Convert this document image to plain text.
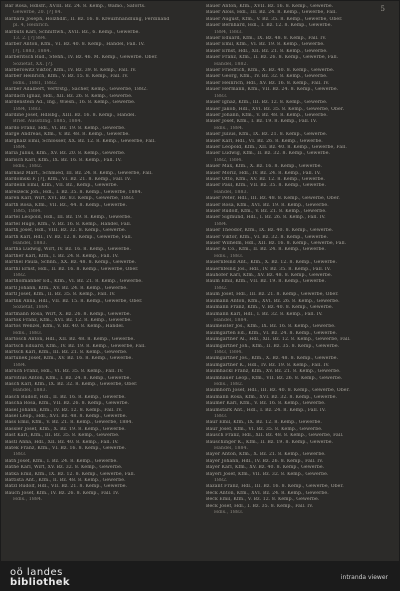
5
Bar Rosa, Hdlsfr., XVIII. Bz. 24. 8. Kemp., Wamo., Saforts.
Gewerbe, 20. [?] 84.
Barbara Joseph, Holzhdlr., II. Bz. 16. 8. Kreuzhhandlung, Ferdinand
pl. 4, Heinrich.
Barbuts Karl, Schnittwh., XVII. Bz., 6. Kemp., Gewerbe.
13. 2. [?] 884.
Barber Anton, Kfm., VI. Bz. 40. 8. Kemp., Handel, Fall. IV.
[?], 1883, 1884.
Barberitsch Rud., Stehh., IV. Bz. 46. M. Kemp., Gewerbe. Ober.
Sozietat, XX. [?].
Barberowitz Viktor, Kfm., IV. Bz. 39. 8. Kemp., Fall. IV.
Barber Heinrich, Kfm., V. Bz. 15. 8. Kemp., Fall. IV.
Hdls., 1881, 1882.
Barber Adalbert, Vertrstg., Sacher, Kemp., Gewerbe, 1882.
Bardach Ignaz, Hdl., XII. Bz. 26. 8. Kemp., Gewerbe.
Bardenstein Ad., Ing., Wiesn., 16. 8. Kemp., Gewerbe.
1884, 1883.
Bardine Josef, Hdlsbg., XIII. Bz. 16. 8. Kemp., Handel.
Brief. Ausstllng. 1885, 1884.
Bardo Franz, Hdl., VI. Bz. 19. 8. Kemp., Gewerbe.
Barge Andreas, Kfm., V. Bz. 48. 8. Kemp., Gewerbe.
Barghalz Emil, Schlosser, XX. Bz. 12. 8. Kemp., Gewerbe, Fall.
1884.
Baria Julius, Kfm., XV. Bz. 20. 8. Kemp., Gewerbe.
Barisch Karl, Kfm., IX. Bz. 16. 8. Kemp., Fall. IV.
Hdls., 1882.
Barkasz Mart., Schmied, III. Bz. 24. 8. Kemp., Gewerbe, Fall.
Bardomski F. [?], Kfm., VI. Bz. 21. 8. Kemp., Fall. IV.
Bardelin Emil, Kfm., VII. Bz., Kemp., Gewerbe.
Barelzeck Joh., Hdl., I. Bz. 35. 8. Kemp., Gewerbe, 1884.
Baren Karl, Wirt, XVI. Bz. 83. Kemp., Gewerbe, 1883.
Barth Rosa, Kfm., VII. Bz., 44. 8. Kemp., Gewerbe.
1885, 1884.
Bartel Leopold, Hdl., III. Bz. 19. 8. Kemp., Gewerbe.
Bartel Hugo, Kfm., V. Bz. 16. 8. Kemp., Handel, Fall.
Barth Josef, Hdl., VIII. Bz. 32. 8. Kemp., Gewerbe.
Barth Karl, Hdl., IV. Bz. 12. 8. Kemp., Gewerbe, Fall.
Handel, 1883.
Bartha Ludwig, Wirt, IV. Bz. 16. 8. Kemp., Gewerbe.
Barther Karl, Kfm., I. Bz. 24. 8. Kemp., Fall. IV.
Barthel Paula, Schnh., XX. Bz. 48. 8. Kemp., Gewerbe.
Barthl Ernst, Hdl., II. Bz. 16. 8. Kemp., Gewerbe, Ober.
1882.
Bartholmanner Ed., Kfm., VI. Bz. 21. 8. Kemp., Gewerbe.
Bartl Johann, Kfm., XV. Bz. 24. 8. Kemp., Gewerbe.
Bartl Josef, Kfm., II. Bz. 35. 8. Kemp., Fall. IV.
Bartlik Anna, Hdl., VII. Bz. 15. 8. Kemp., Gewerbe, Ober.
Sozietat, 1884.
Bartmann Rosa, Wirt, X. Bz. 26. 8. Kemp., Gewerbe.
Bartok Franz, Kfm., XVI. Bz. 12. 8. Kemp., Gewerbe.
Bartos Wenzel, Kfm., V. Bz. 40. 8. Kemp., Handel.
Hdls., 1883.
Bartosch Anton, Hdl., XII. Bz. 48. 8. Kemp., Gewerbe.
Bartsch Eduard, Kfm., IV. Bz. 19. 8. Kemp., Gewerbe, Fall.
Bartsch Karl, Kfm., III. Bz. 21. 8. Kemp., Gewerbe.
Bartunek Josef, Kfm., XV. Bz. 16. 8. Kemp., Gewerbe.
1884.
Baruch Franz, Hdl., VI. Bz. 35. 8. Kemp., Fall. IV.
Barvitius Anton, Kfm., I. Bz. 24. 8. Kemp., Gewerbe.
Basch Karl, Kfm., IX. Bz. 32. 8. Kemp., Gewerbe, Ober.
Handel, 1883.
Basch Rudolf, Hdl., II. Bz. 16. 8. Kemp., Gewerbe.
Bascha Rosa, Kfm., VII. Bz. 26. 8. Kemp., Gewerbe.
Basel Johann, Kfm., IV. Bz. 12. 8. Kemp., Fall. IV.
Basel Leop., Hdl., XVI. Bz. 48. 8. Kemp., Gewerbe.
Bass Emil, Kfm., V. Bz. 21. 8. Kemp., Gewerbe, 1884.
Bassler Josef, Kfm., X. Bz. 19. 8. Kemp., Gewerbe.
Bast Karl, Kfm., III. Bz. 35. 8. Kemp., Gewerbe.
Bastl Anna, Hdl., XII. Bz. 40. 8. Kemp., Fall. IV.
Batek Franz, Kfm., VI. Bz. 16. 8. Kemp., Gewerbe.
1883.
Bath Josef, Kfm., I. Bz. 24. 8. Kemp., Gewerbe.
Bathe Karl, Wirt, XV. Bz. 32. 8. Kemp., Gewerbe.
Batka Emil, Kfm., IX. Bz. 12. 8. Kemp., Gewerbe, Fall.
Battista Ant., Kfm., II. Bz. 48. 8. Kemp., Gewerbe.
Batzl Rudolf, Hdl., VII. Bz. 21. 8. Kemp., Gewerbe.
Bauch Josef, Kfm., IV. Bz. 26. 8. Kemp., Fall. IV.
Hdls., 1884.
Bauer Anton, Kfm., XVII. Bz. 16. 8. Kemp., Gewerbe.
Bauer Alois, Hdl., III. Bz. 24. 8. Kemp., Gewerbe, Fall.
Bauer August, Kfm., V. Bz. 35. 8. Kemp., Gewerbe, Ober.
Bauer Bernhard, Hdl., I. Bz. 12. 8. Kemp., Gewerbe.
1884, 1883.
Bauer Eduard, Kfm., IX. Bz. 48. 8. Kemp., Fall. IV.
Bauer Emil, Kfm., VI. Bz. 19. 8. Kemp., Gewerbe.
Bauer Ernst, Hdl., XII. Bz. 21. 8. Kemp., Gewerbe.
Bauer Franz, Kfm., II. Bz. 26. 8. Kemp., Gewerbe, Fall.
Handel, 1882.
Bauer Friedrich, Kfm., X. Bz. 40. 8. Kemp., Gewerbe.
Bauer Georg, Kfm., IV. Bz. 32. 8. Kemp., Gewerbe.
Bauer Heinrich, Hdl., XV. Bz. 16. 8. Kemp., Fall. IV.
Bauer Hermann, Kfm., VII. Bz. 24. 8. Kemp., Gewerbe.
1883.
Bauer Ignaz, Kfm., III. Bz. 12. 8. Kemp., Gewerbe.
Bauer Jakob, Hdl., XVI. Bz. 35. 8. Kemp., Gewerbe, Ober.
Bauer Johann, Kfm., V. Bz. 48. 8. Kemp., Gewerbe.
Bauer Josef, Kfm., I. Bz. 19. 8. Kemp., Fall. IV.
Hdls., 1884.
Bauer Julius, Kfm., IX. Bz. 21. 8. Kemp., Gewerbe.
Bauer Karl, Hdl., VI. Bz. 26. 8. Kemp., Gewerbe.
Bauer Leopold, Kfm., XII. Bz. 40. 8. Kemp., Gewerbe, Fall.
Bauer Ludwig, Kfm., II. Bz. 32. 8. Kemp., Gewerbe.
1882, 1884.
Bauer Max, Kfm., X. Bz. 16. 8. Kemp., Gewerbe.
Bauer Moriz, Hdl., IV. Bz. 24. 8. Kemp., Fall. IV.
Bauer Otto, Kfm., XV. Bz. 12. 8. Kemp., Gewerbe.
Bauer Paul, Kfm., VII. Bz. 35. 8. Kemp., Gewerbe.
Handel, 1883.
Bauer Peter, Hdl., III. Bz. 48. 8. Kemp., Gewerbe, Ober.
Bauer Rosa, Kfm., XVI. Bz. 19. 8. Kemp., Gewerbe.
Bauer Rudolf, Kfm., V. Bz. 21. 8. Kemp., Gewerbe.
Bauer Sigmund, Hdl., I. Bz. 26. 8. Kemp., Fall. IV.
1884.
Bauer Theodor, Kfm., IX. Bz. 40. 8. Kemp., Gewerbe.
Bauer Viktor, Kfm., VI. Bz. 32. 8. Kemp., Gewerbe.
Bauer Wilhelm, Hdl., XII. Bz. 16. 8. Kemp., Gewerbe, Fall.
Bauer & Co., Kfm., II. Bz. 24. 8. Kemp., Gewerbe.
Hdls., 1883.
Bauernfeind Ant., Kfm., X. Bz. 12. 8. Kemp., Gewerbe.
Bauernfeind Jos., Hdl., IV. Bz. 35. 8. Kemp., Fall. IV.
Bauhofer Karl, Kfm., XV. Bz. 48. 8. Kemp., Gewerbe.
Baum Emil, Kfm., VII. Bz. 19. 8. Kemp., Gewerbe.
1882.
Baum Josef, Hdl., III. Bz. 21. 8. Kemp., Gewerbe, Ober.
Baumann Anton, Kfm., XVI. Bz. 26. 8. Kemp., Gewerbe.
Baumann Franz, Kfm., V. Bz. 40. 8. Kemp., Gewerbe.
Baumann Karl, Hdl., I. Bz. 32. 8. Kemp., Fall. IV.
Handel, 1884.
Baumeister Jos., Kfm., IX. Bz. 16. 8. Kemp., Gewerbe.
Baumgarten Ed., Kfm., VI. Bz. 24. 8. Kemp., Gewerbe.
Baumgartner Al., Hdl., XII. Bz. 12. 8. Kemp., Gewerbe, Fall.
Baumgartner Joh., Kfm., II. Bz. 35. 8. Kemp., Gewerbe.
1883, 1884.
Baumgartner Jos., Kfm., X. Bz. 48. 8. Kemp., Gewerbe.
Baumgartner K., Hdl., IV. Bz. 19. 8. Kemp., Fall. IV.
Baumhackl Franz, Kfm., XV. Bz. 21. 8. Kemp., Gewerbe.
Baumhauer Leop., Kfm., VII. Bz. 26. 8. Kemp., Gewerbe.
Hdls., 1882.
Baumhorn Josef, Hdl., III. Bz. 40. 8. Kemp., Gewerbe, Ober.
Baumann Rosa, Kfm., XVI. Bz. 32. 8. Kemp., Gewerbe.
Baumer Karl, Kfm., V. Bz. 16. 8. Kemp., Gewerbe.
Baumstark Ant., Hdl., I. Bz. 24. 8. Kemp., Fall. IV.
1883.
Baur Emil, Kfm., IX. Bz. 12. 8. Kemp., Gewerbe.
Baur Josef, Kfm., VI. Bz. 35. 8. Kemp., Gewerbe.
Bausch Franz, Hdl., XII. Bz. 48. 8. Kemp., Gewerbe, Fall.
Bauschinger K., Kfm., II. Bz. 19. 8. Kemp., Gewerbe.
Handel, 1884.
Bayer Anton, Kfm., X. Bz. 21. 8. Kemp., Gewerbe.
Bayer Johann, Hdl., IV. Bz. 26. 8. Kemp., Fall. IV.
Bayer Karl, Kfm., XV. Bz. 40. 8. Kemp., Gewerbe.
Bayerl Josef, Kfm., VII. Bz. 32. 8. Kemp., Gewerbe.
1882.
Bazant Franz, Hdl., III. Bz. 16. 8. Kemp., Gewerbe, Ober.
Beck Anton, Kfm., XVI. Bz. 24. 8. Kemp., Gewerbe.
Beck Emil, Kfm., V. Bz. 12. 8. Kemp., Gewerbe.
Beck Josef, Hdl., I. Bz. 35. 8. Kemp., Fall. IV.
Hdls., 1883.
oö landes
bibliothek	intranda viewer
